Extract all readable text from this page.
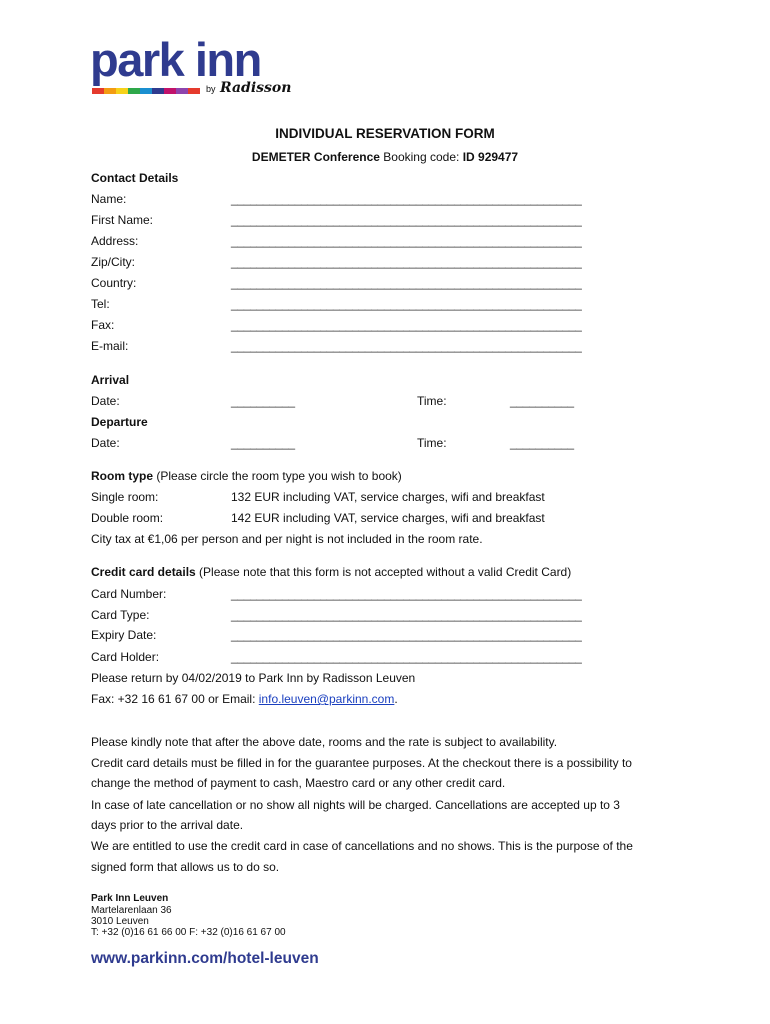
park inn
by Radisson
INDIVIDUAL RESERVATION FORM
DEMETER Conference Booking code: ID 929477
Contact Details
Name:	_______________________________________________________
First Name:	_______________________________________________________
Address:	_______________________________________________________
Zip/City:	_______________________________________________________
Country:	_______________________________________________________
Tel:	_______________________________________________________
Fax:	_______________________________________________________
E-mail:	_______________________________________________________
Arrival
Date:	__________	Time:	__________
Departure
Date:	__________	Time:	__________
Room type (Please circle the room type you wish to book)
Single room:	132 EUR including VAT, service charges, wifi and breakfast
Double room:	142 EUR including VAT, service charges, wifi and breakfast
City tax at €1,06 per person and per night is not included in the room rate.
Credit card details (Please note that this form is not accepted without a valid Credit Card)
Card Number:	_______________________________________________________
Card Type:	_______________________________________________________
Expiry Date:	_______________________________________________________
Card Holder:	_______________________________________________________
Please return by 04/02/2019 to Park Inn by Radisson Leuven
Fax: +32 16 61 67 00 or Email: info.leuven@parkinn.com.
Please kindly note that after the above date, rooms and the rate is subject to availability.
Credit card details must be filled in for the guarantee purposes. At the checkout there is a possibility to
change the method of payment to cash, Maestro card or any other credit card.
In case of late cancellation or no show all nights will be charged. Cancellations are accepted up to 3
days prior to the arrival date.
We are entitled to use the credit card in case of cancellations and no shows. This is the purpose of the
signed form that allows us to do so.
Park Inn Leuven
Martelarenlaan 36
3010 Leuven
T: +32 (0)16 61 66 00 F: +32 (0)16 61 67 00
www.parkinn.com/hotel-leuven
